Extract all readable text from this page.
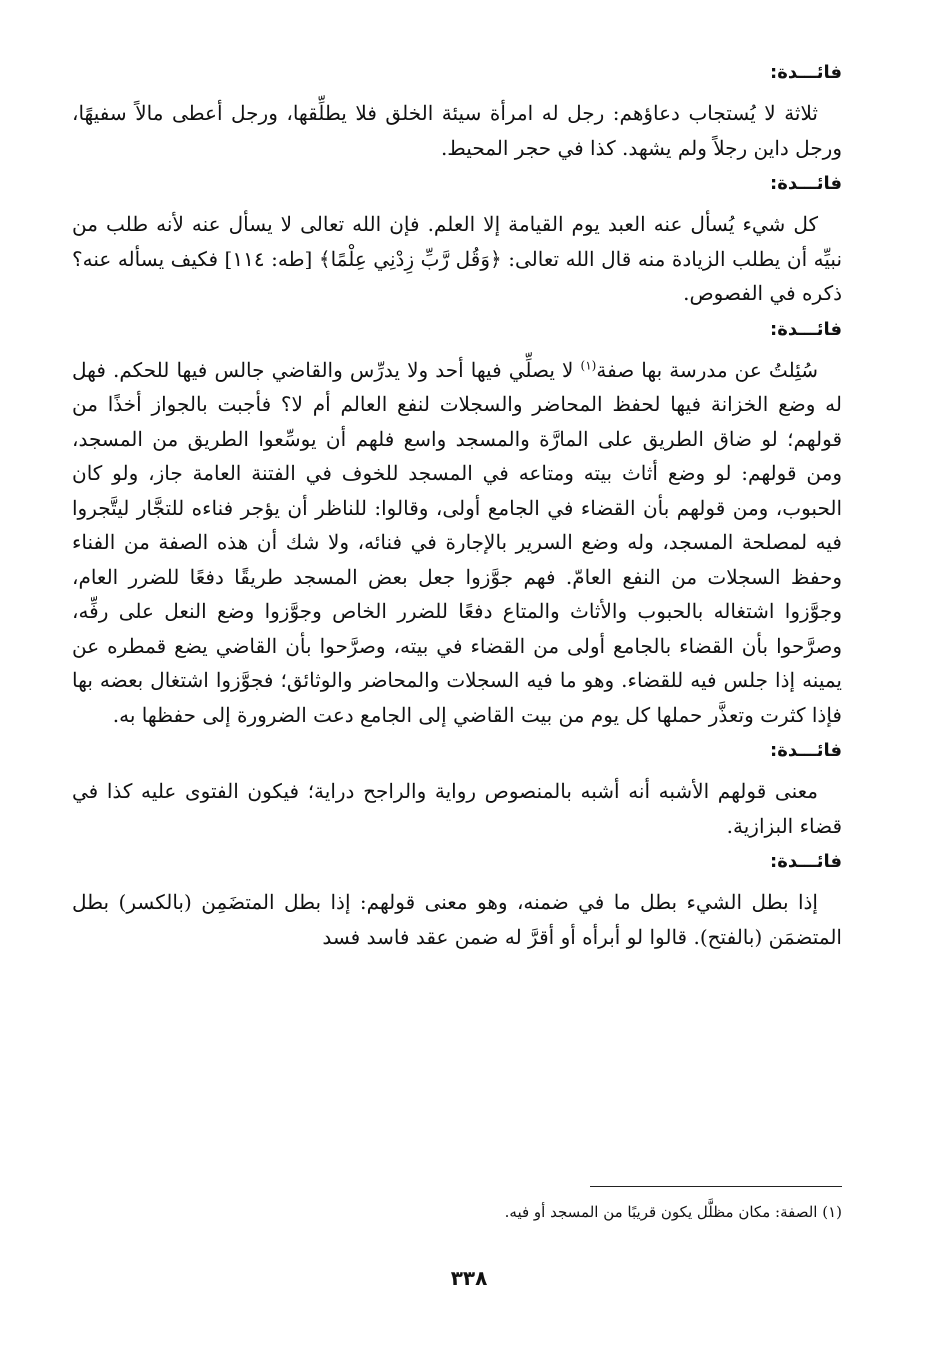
فائـــدة:

ثلاثة لا يُستجاب دعاؤهم: رجل له امرأة سيئة الخلق فلا يطلِّقها، ورجل أعطى مالاً سفيهًا، ورجل داين رجلاً ولم يشهد. كذا في حجر المحيط.

فائـــدة:

كل شيء يُسأل عنه العبد يوم القيامة إلا العلم. فإن الله تعالى لا يسأل عنه لأنه طلب من نبيِّه أن يطلب الزيادة منه قال الله تعالى: ﴿وَقُل رَّبِّ زِدْنِي عِلْمًا﴾ [طه: ١١٤] فكيف يسأله عنه؟ ذكره في الفصوص.

فائـــدة:

سُئِلتُ عن مدرسة بها صفة$^{(١)}$ لا يصلِّي فيها أحد ولا يدرِّس والقاضي جالس فيها للحكم. فهل له وضع الخزانة فيها لحفظ المحاضر والسجلات لنفع العالم أم لا؟ فأجبت بالجواز أخذًا من قولهم؛ لو ضاق الطريق على المارَّة والمسجد واسع فلهم أن يوسِّعوا الطريق من المسجد، ومن قولهم: لو وضع أثاث بيته ومتاعه في المسجد للخوف في الفتنة العامة جاز، ولو كان الحبوب، ومن قولهم بأن القضاء في الجامع أولى، وقالوا: للناظر أن يؤجر فناءه للتجَّار ليتَّجروا فيه لمصلحة المسجد، وله وضع السرير بالإجارة في فنائه، ولا شك أن هذه الصفة من الفناء وحفظ السجلات من النفع العامّ. فهم جوَّزوا جعل بعض المسجد طريقًا دفعًا للضرر العام، وجوَّزوا اشتغاله بالحبوب والأثاث والمتاع دفعًا للضرر الخاص وجوَّزوا وضع النعل على رفِّه، وصرَّحوا بأن القضاء بالجامع أولى من القضاء في بيته، وصرَّحوا بأن القاضي يضع قمطره عن يمينه إذا جلس فيه للقضاء. وهو ما فيه السجلات والمحاضر والوثائق؛ فجوَّزوا اشتغال بعضه بها فإذا كثرت وتعذَّر حملها كل يوم من بيت القاضي إلى الجامع دعت الضرورة إلى حفظها به.

فائـــدة:

معنى قولهم الأشبه أنه أشبه بالمنصوص رواية والراجح دراية؛ فيكون الفتوى عليه كذا في قضاء البزازية.

فائـــدة:

إذا بطل الشيء بطل ما في ضمنه، وهو معنى قولهم: إذا بطل المتضَمِن (بالكسر) بطل المتضمَن (بالفتح). قالوا لو أبرأه أو أقرَّ له ضمن عقد فاسد فسد

(١) الصفة: مكان مظلَّل يكون قريبًا من المسجد أو فيه.
٣٣٨
